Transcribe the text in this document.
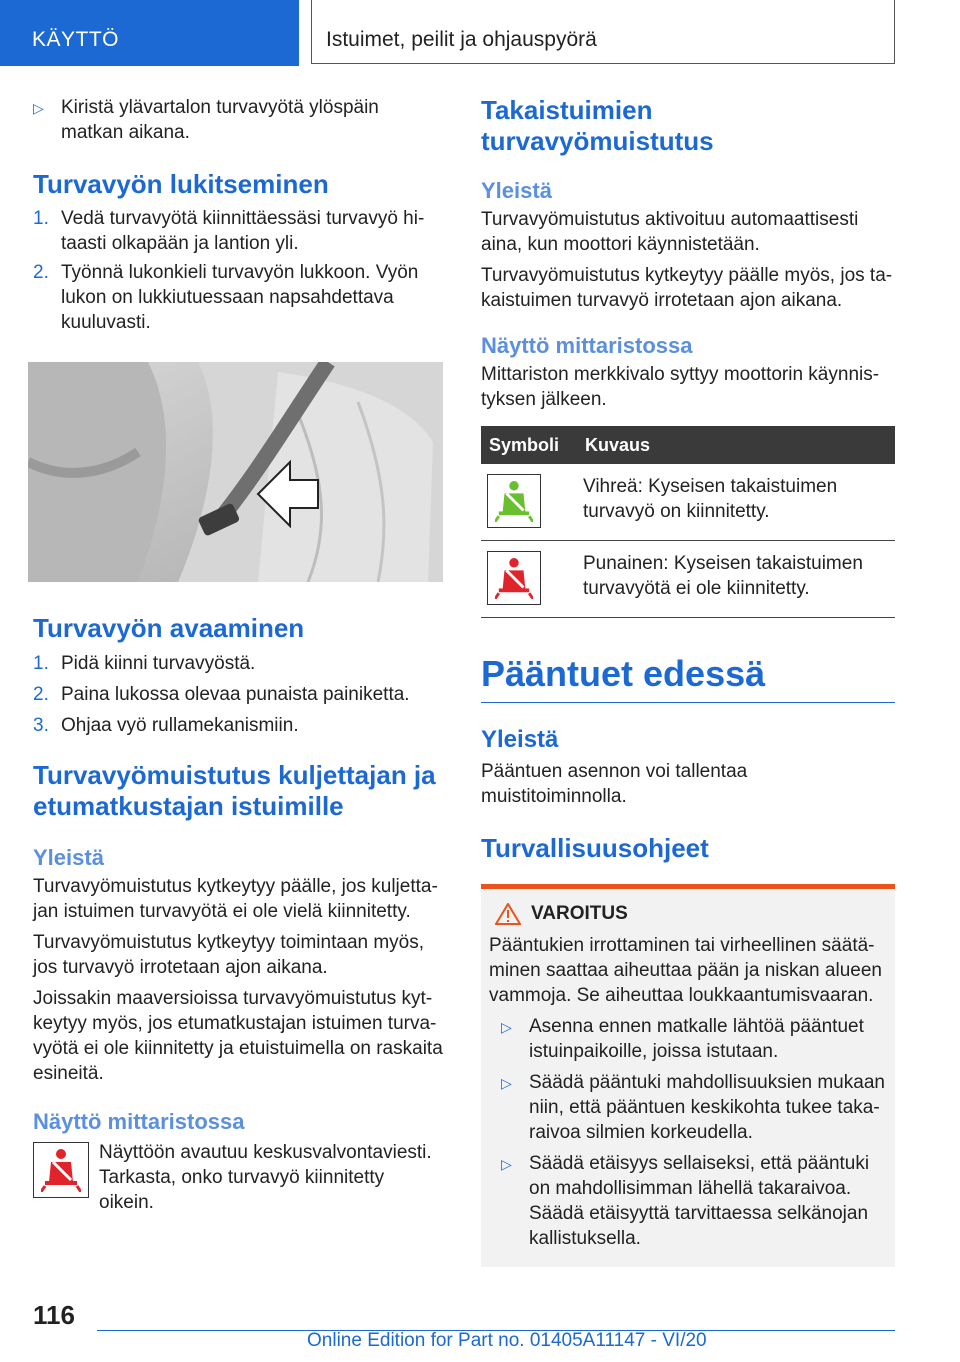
KÄYTTÖ	Istuimet, peilit ja ohjauspyörä
▷ Kiristä ylävartalon turvavyötä ylöspäin matkan aikana.
Turvavyön lukitseminen
1. Vedä turvavyötä kiinnittäessäsi turvavyö hitaasti olkapään ja lantion yli.
2. Työnnä lukonkieli turvavyön lukkoon. Vyön lukon on lukkiutuessaan napsahdettava kuuluvasti.
Turvavyön avaaminen
1. Pidä kiinni turvavyöstä.
2. Paina lukossa olevaa punaista painiketta.
3. Ohjaa vyö rullamekanismiin.
Turvavyömuistutus kuljettajan ja etumatkustajan istuimille
Yleistä

Turvavyömuistutus kytkeytyy päälle, jos kuljettajan istuimen turvavyötä ei ole vielä kiinnitetty.

Turvavyömuistutus kytkeytyy toimintaan myös, jos turvavyö irrotetaan ajon aikana.

Joissakin maaversioissa turvavyömuistutus kytkeytyy myös, jos etumatkustajan istuimen turvavyötä ei ole kiinnitetty ja etuistuimella on raskaita esineitä.

Näyttö mittaristossa

Näyttöön avautuu keskusvalvontaviesti. Tarkasta, onko turvavyö kiinnitetty oikein.

Takaistuimien turvavyömuistutus
Yleistä

Turvavyömuistutus aktivoituu automaattisesti aina, kun moottori käynnistetään.

Turvavyömuistutus kytkeytyy päälle myös, jos takaistuimen turvavyö irrotetaan ajon aikana.

Näyttö mittaristossa

Mittariston merkkivalo syttyy moottorin käynnistyksen jälkeen.

Symboli	Kuvaus

	Vihreä: Kyseisen takaistuimen turvavyö on kiinnitetty.

	Punainen: Kyseisen takaistuimen turvavyötä ei ole kiinnitetty.
Pääntuet edessä
Yleistä

Pääntuen asennon voi tallentaa muistitoiminnolla.

Turvallisuusohjeet
VAROITUS

Pääntukien irrottaminen tai virheellinen säätäminen saattaa aiheuttaa pään ja niskan alueen vammoja. Se aiheuttaa loukkaantumisvaaran.

▷ Asenna ennen matkalle lähtöä pääntuet istuinpaikoille, joissa istutaan.
▷ Säädä pääntuki mahdollisuuksien mukaan niin, että pääntuen keskikohta tukee takaraivoa silmien korkeudella.
▷ Säädä etäisyys sellaiseksi, että pääntuki on mahdollisimman lähellä takaraivoa. Säädä etäisyyttä tarvittaessa selkänojan kallistuksella.
116
Online Edition for Part no. 01405A11147 - VI/20
